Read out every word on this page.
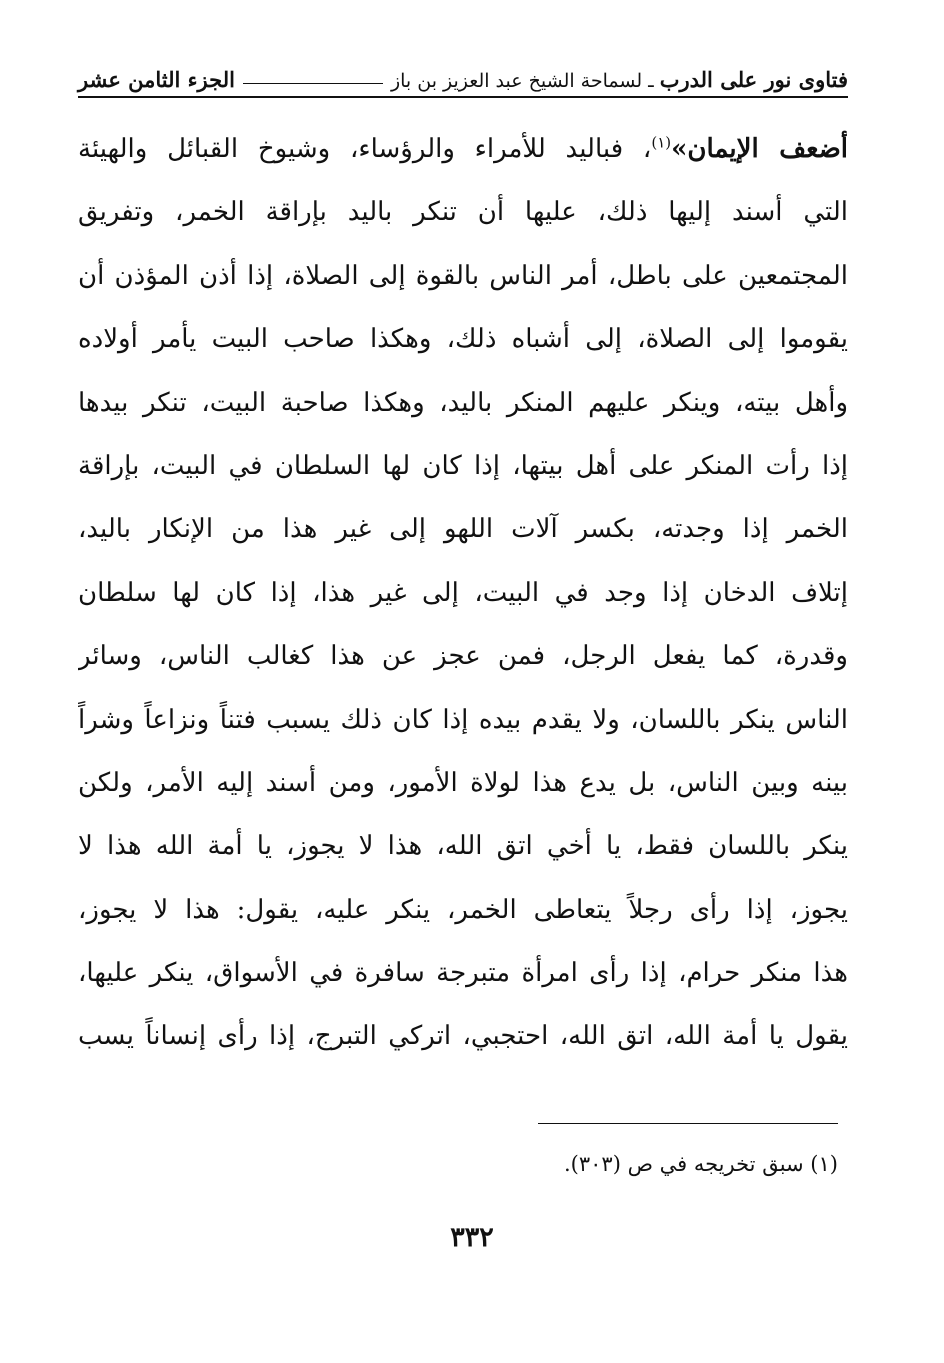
فتاوى نور على الدرب
ـ
لسماحة الشيخ عبد العزيز بن باز
الجزء الثامن عشر
أضعف الإيمان»$^{(١)}$، فباليد للأمراء والرؤساء، وشيوخ القبائل والهيئة
التي أسند إليها ذلك، عليها أن تنكر باليد بإراقة الخمر، وتفريق
المجتمعين على باطل، أمر الناس بالقوة إلى الصلاة، إذا أذن المؤذن أن
يقوموا إلى الصلاة، إلى أشباه ذلك، وهكذا صاحب البيت يأمر أولاده
وأهل بيته، وينكر عليهم المنكر باليد، وهكذا صاحبة البيت، تنكر بيدها
إذا رأت المنكر على أهل بيتها، إذا كان لها السلطان في البيت، بإراقة
الخمر إذا وجدته، بكسر آلات اللهو إلى غير هذا من الإنكار باليد،
إتلاف الدخان إذا وجد في البيت، إلى غير هذا، إذا كان لها سلطان
وقدرة، كما يفعل الرجل، فمن عجز عن هذا كغالب الناس، وسائر
الناس ينكر باللسان، ولا يقدم بيده إذا كان ذلك يسبب فتناً ونزاعاً وشراً
بينه وبين الناس، بل يدع هذا لولاة الأمور، ومن أسند إليه الأمر، ولكن
ينكر باللسان فقط، يا أخي اتق الله، هذا لا يجوز، يا أمة الله هذا لا
يجوز، إذا رأى رجلاً يتعاطى الخمر، ينكر عليه، يقول: هذا لا يجوز،
هذا منكر حرام، إذا رأى امرأة متبرجة سافرة في الأسواق، ينكر عليها،
يقول يا أمة الله، اتق الله، احتجبي، اتركي التبرج، إذا رأى إنساناً يسب
(١) سبق تخريجه في ص (٣٠٣).
٣٣٢
